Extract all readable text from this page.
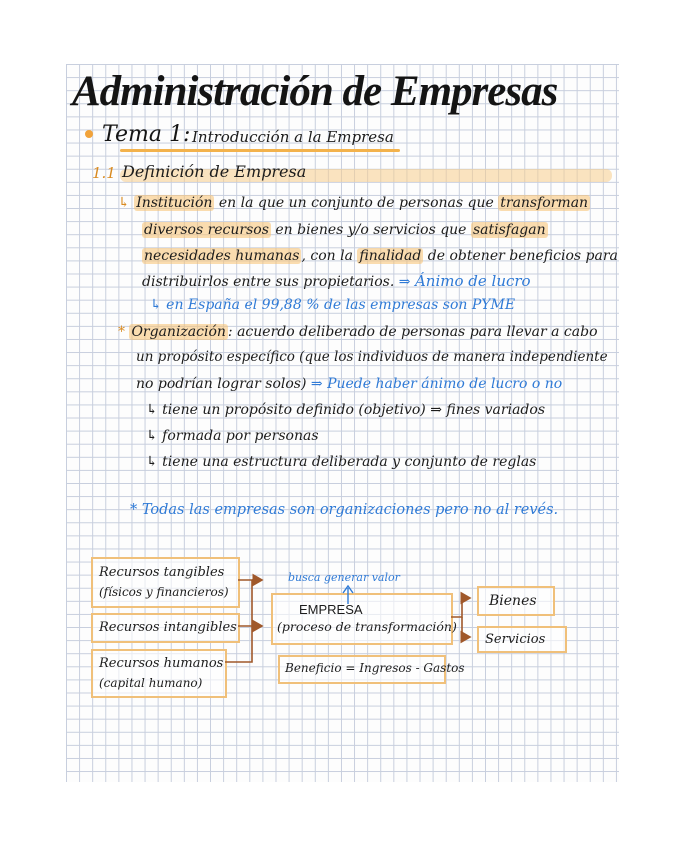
Administración de Empresas
Tema 1: Introducción a la Empresa
1.1 Definición de Empresa
↳ Institución en la que un conjunto de personas que transforman
diversos recursos en bienes y/o servicios que satisfagan
necesidades humanas , con la finalidad de obtener beneficios para
distribuirlos entre sus propietarios. ⇒ Ánimo de lucro
↳ en España el 99,88 % de las empresas son PYME
* Organización : acuerdo deliberado de personas para llevar a cabo
un propósito específico (que los individuos de manera independiente
no podrían lograr solos) ⇒ Puede haber ánimo de lucro o no
↳ tiene un propósito definido (objetivo) ⇒ fines variados
↳ formada por personas
↳ tiene una estructura deliberada y conjunto de reglas
* Todas las empresas son organizaciones pero no al revés.
Recursos tangibles
(físicos y financieros)
Recursos intangibles
Recursos humanos
(capital humano)
busca generar valor
EMPRESA
(proceso de transformación)
Beneficio = Ingresos - Gastos
Bienes
Servicios
